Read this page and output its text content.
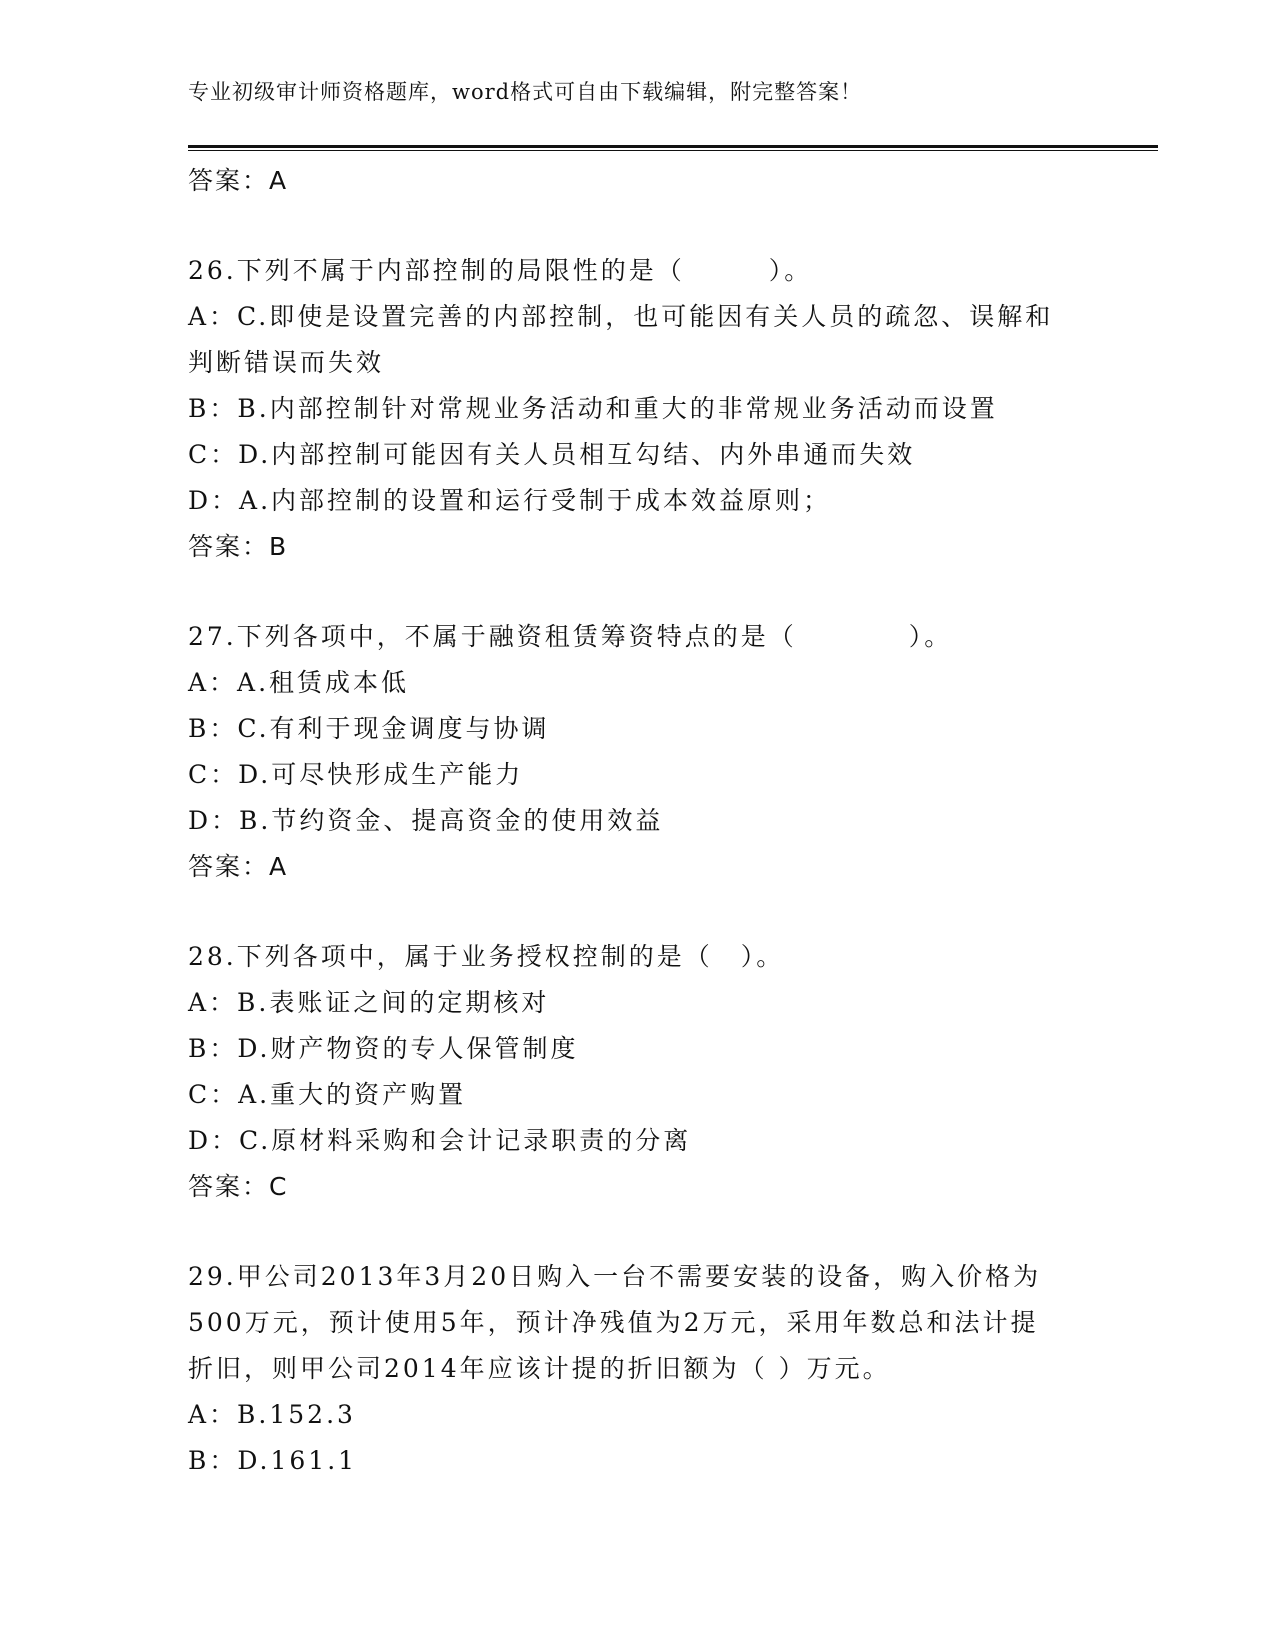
专业初级审计师资格题库，word格式可自由下载编辑，附完整答案！
答案：A
26.下列不属于内部控制的局限性的是（　　　）。
A：C.即使是设置完善的内部控制，也可能因有关人员的疏忽、误解和
判断错误而失效
B：B.内部控制针对常规业务活动和重大的非常规业务活动而设置
C：D.内部控制可能因有关人员相互勾结、内外串通而失效
D：A.内部控制的设置和运行受制于成本效益原则；
答案：B
27.下列各项中，不属于融资租赁筹资特点的是（　　　　）。
A：A.租赁成本低
B：C.有利于现金调度与协调
C：D.可尽快形成生产能力
D：B.节约资金、提高资金的使用效益
答案：A
28.下列各项中，属于业务授权控制的是（　）。
A：B.表账证之间的定期核对
B：D.财产物资的专人保管制度
C：A.重大的资产购置
D：C.原材料采购和会计记录职责的分离
答案：C
29.甲公司2013年3月20日购入一台不需要安装的设备，购入价格为
500万元，预计使用5年，预计净残值为2万元，采用年数总和法计提
折旧，则甲公司2014年应该计提的折旧额为（ ）万元。
A：B.152.3
B：D.161.1
